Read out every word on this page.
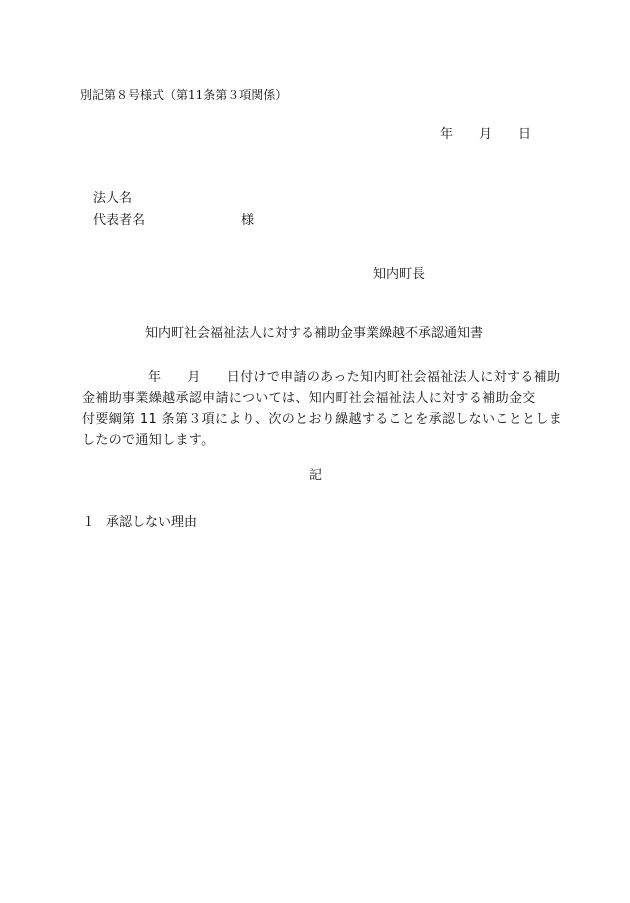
別記第８号様式（第11条第３項関係）
年 月 日
法人名
代表者名	様
知内町長
知内町社会福祉法人に対する補助金事業繰越不承認通知書
年 月 日付けで申請のあった知内町社会福祉法人に対する補助
金補助事業繰越承認申請については、知内町社会福祉法人に対する補助金交
付要綱第 11 条第３項により、次のとおり繰越することを承認しないこととしま
したので通知します。
記
１ 承認しない理由
